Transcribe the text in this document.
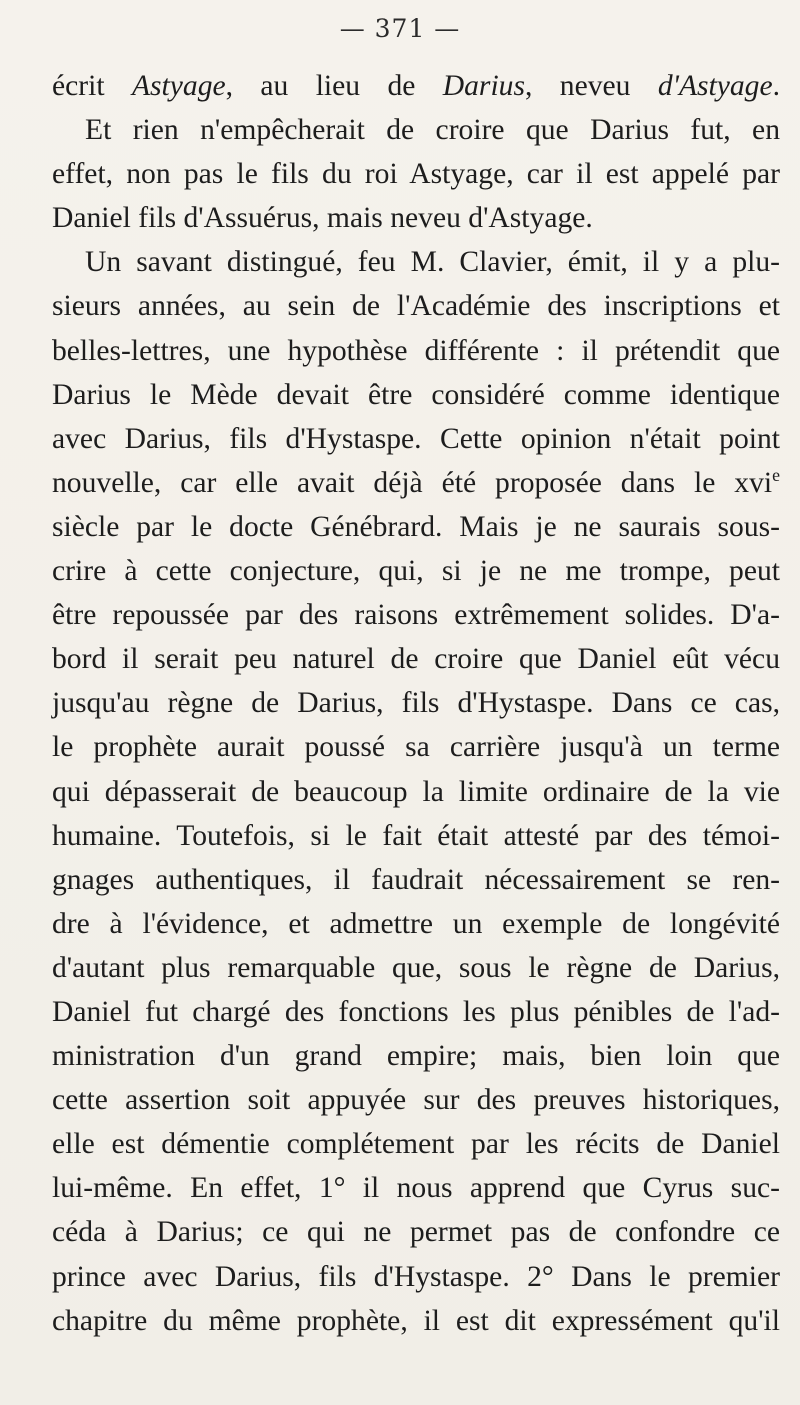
— 371 —
écrit Astyage, au lieu de Darius, neveu d'Astyage.
Et rien n'empêcherait de croire que Darius fut, en
effet, non pas le fils du roi Astyage, car il est appelé par
Daniel fils d'Assuérus, mais neveu d'Astyage.
Un savant distingué, feu M. Clavier, émit, il y a plu-
sieurs années, au sein de l'Académie des inscriptions et
belles-lettres, une hypothèse différente : il prétendit que
Darius le Mède devait être considéré comme identique
avec Darius, fils d'Hystaspe. Cette opinion n'était point
nouvelle, car elle avait déjà été proposée dans le xvi$^e$
siècle par le docte Génébrard. Mais je ne saurais sous-
crire à cette conjecture, qui, si je ne me trompe, peut
être repoussée par des raisons extrêmement solides. D'a-
bord il serait peu naturel de croire que Daniel eût vécu
jusqu'au règne de Darius, fils d'Hystaspe. Dans ce cas,
le prophète aurait poussé sa carrière jusqu'à un terme
qui dépasserait de beaucoup la limite ordinaire de la vie
humaine. Toutefois, si le fait était attesté par des témoi-
gnages authentiques, il faudrait nécessairement se ren-
dre à l'évidence, et admettre un exemple de longévité
d'autant plus remarquable que, sous le règne de Darius,
Daniel fut chargé des fonctions les plus pénibles de l'ad-
ministration d'un grand empire; mais, bien loin que
cette assertion soit appuyée sur des preuves historiques,
elle est démentie complétement par les récits de Daniel
lui-même. En effet, 1° il nous apprend que Cyrus suc-
céda à Darius; ce qui ne permet pas de confondre ce
prince avec Darius, fils d'Hystaspe. 2° Dans le premier
chapitre du même prophète, il est dit expressément qu'il
